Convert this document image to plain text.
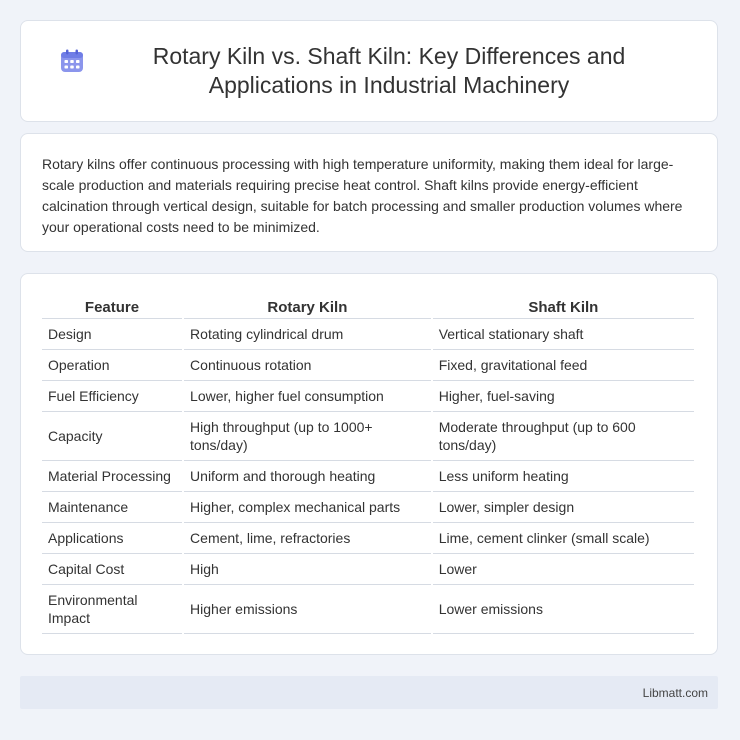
Rotary Kiln vs. Shaft Kiln: Key Differences and Applications in Industrial Machinery

Rotary kilns offer continuous processing with high temperature uniformity, making them ideal for large-scale production and materials requiring precise heat control. Shaft kilns provide energy-efficient calcination through vertical design, suitable for batch processing and smaller production volumes where your operational costs need to be minimized.

Feature	Rotary Kiln	Shaft Kiln
Design	Rotating cylindrical drum	Vertical stationary shaft
Operation	Continuous rotation	Fixed, gravitational feed
Fuel Efficiency	Lower, higher fuel consumption	Higher, fuel-saving
Capacity	High throughput (up to 1000+ tons/day)	Moderate throughput (up to 600 tons/day)
Material Processing	Uniform and thorough heating	Less uniform heating
Maintenance	Higher, complex mechanical parts	Lower, simpler design
Applications	Cement, lime, refractories	Lime, cement clinker (small scale)
Capital Cost	High	Lower
Environmental Impact	Higher emissions	Lower emissions
Libmatt.com
